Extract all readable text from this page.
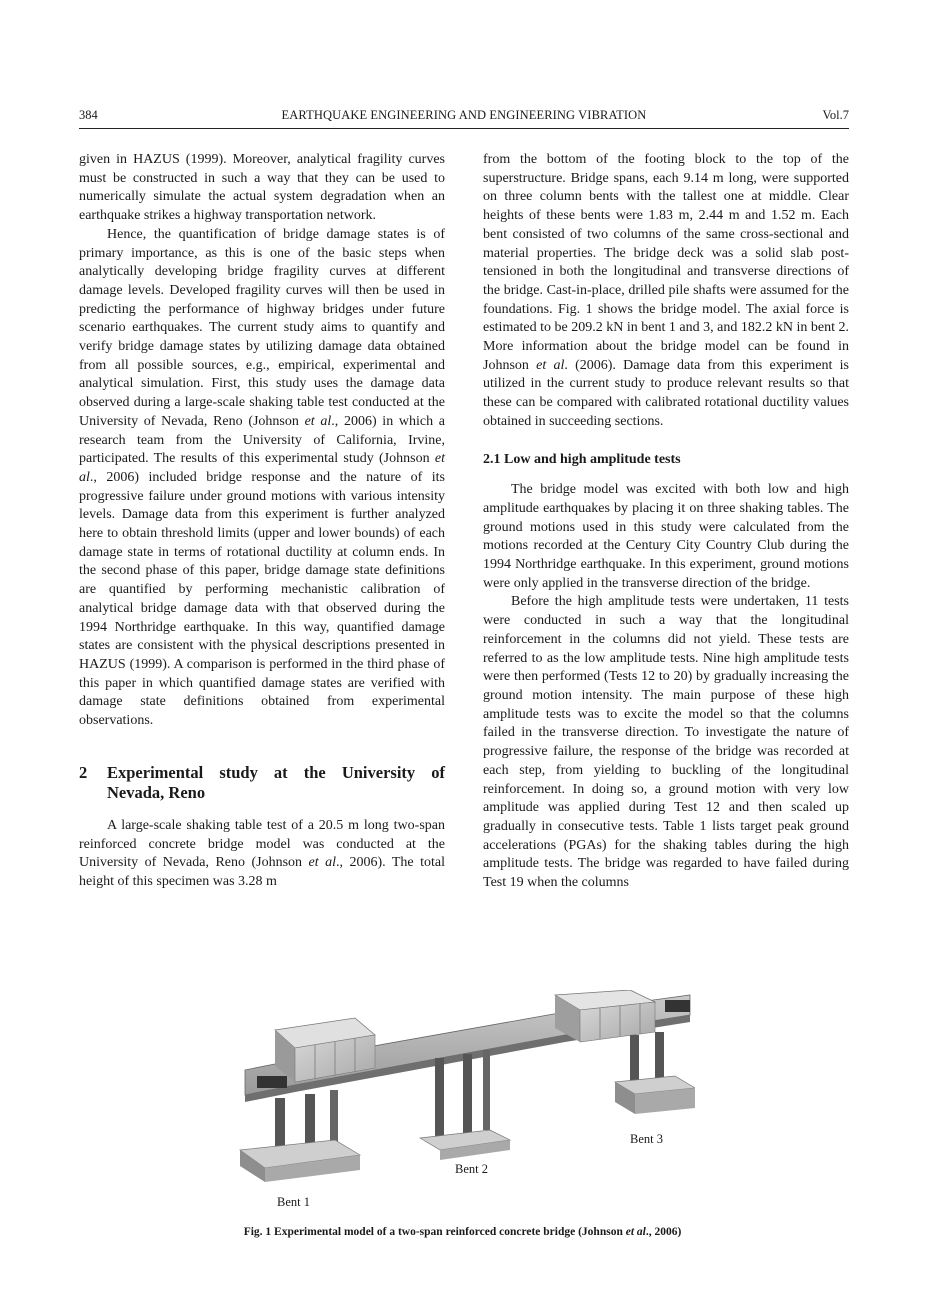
384	EARTHQUAKE ENGINEERING AND ENGINEERING VIBRATION	Vol.7

given in HAZUS (1999). Moreover, analytical fragility curves must be constructed in such a way that they can be used to numerically simulate the actual system degradation when an earthquake strikes a highway transportation network.

Hence, the quantification of bridge damage states is of primary importance, as this is one of the basic steps when analytically developing bridge fragility curves at different damage levels. Developed fragility curves will then be used in predicting the performance of highway bridges under future scenario earthquakes. The current study aims to quantify and verify bridge damage states by utilizing damage data obtained from all possible sources, e.g., empirical, experimental and analytical simulation. First, this study uses the damage data observed during a large-scale shaking table test conducted at the University of Nevada, Reno (Johnson et al., 2006) in which a research team from the University of California, Irvine, participated. The results of this experimental study (Johnson et al., 2006) included bridge response and the nature of its progressive failure under ground motions with various intensity levels. Damage data from this experiment is further analyzed here to obtain threshold limits (upper and lower bounds) of each damage state in terms of rotational ductility at column ends. In the second phase of this paper, bridge damage state definitions are quantified by performing mechanistic calibration of analytical bridge damage data with that observed during the 1994 Northridge earthquake. In this way, quantified damage states are consistent with the physical descriptions presented in HAZUS (1999). A comparison is performed in the third phase of this paper in which quantified damage states are verified with damage state definitions obtained from experimental observations.

2	Experimental study at the University of Nevada, Reno

A large-scale shaking table test of a 20.5 m long two-span reinforced concrete bridge model was conducted at the University of Nevada, Reno (Johnson et al., 2006). The total height of this specimen was 3.28 m

from the bottom of the footing block to the top of the superstructure. Bridge spans, each 9.14 m long, were supported on three column bents with the tallest one at middle. Clear heights of these bents were 1.83 m, 2.44 m and 1.52 m. Each bent consisted of two columns of the same cross-sectional and material properties. The bridge deck was a solid slab post-tensioned in both the longitudinal and transverse directions of the bridge. Cast-in-place, drilled pile shafts were assumed for the foundations. Fig. 1 shows the bridge model. The axial force is estimated to be 209.2 kN in bent 1 and 3, and 182.2 kN in bent 2. More information about the bridge model can be found in Johnson et al. (2006). Damage data from this experiment is utilized in the current study to produce relevant results so that these can be compared with calibrated rotational ductility values obtained in succeeding sections.

2.1 Low and high amplitude tests

The bridge model was excited with both low and high amplitude earthquakes by placing it on three shaking tables. The ground motions used in this study were calculated from the motions recorded at the Century City Country Club during the 1994 Northridge earthquake. In this experiment, ground motions were only applied in the transverse direction of the bridge.

Before the high amplitude tests were undertaken, 11 tests were conducted in such a way that the longitudinal reinforcement in the columns did not yield. These tests are referred to as the low amplitude tests. Nine high amplitude tests were then performed (Tests 12 to 20) by gradually increasing the ground motion intensity. The main purpose of these high amplitude tests was to excite the model so that the columns failed in the transverse direction. To investigate the nature of progressive failure, the response of the bridge was recorded at each step, from yielding to buckling of the longitudinal reinforcement. In doing so, a ground motion with very low amplitude was applied during Test 12 and then scaled up gradually in consecutive tests. Table 1 lists target peak ground accelerations (PGAs) for the shaking tables during the high amplitude tests. The bridge was regarded to have failed during Test 19 when the columns

Bent 3
Bent 2
Bent 1
Fig. 1 Experimental model of a two-span reinforced concrete bridge (Johnson et al., 2006)
